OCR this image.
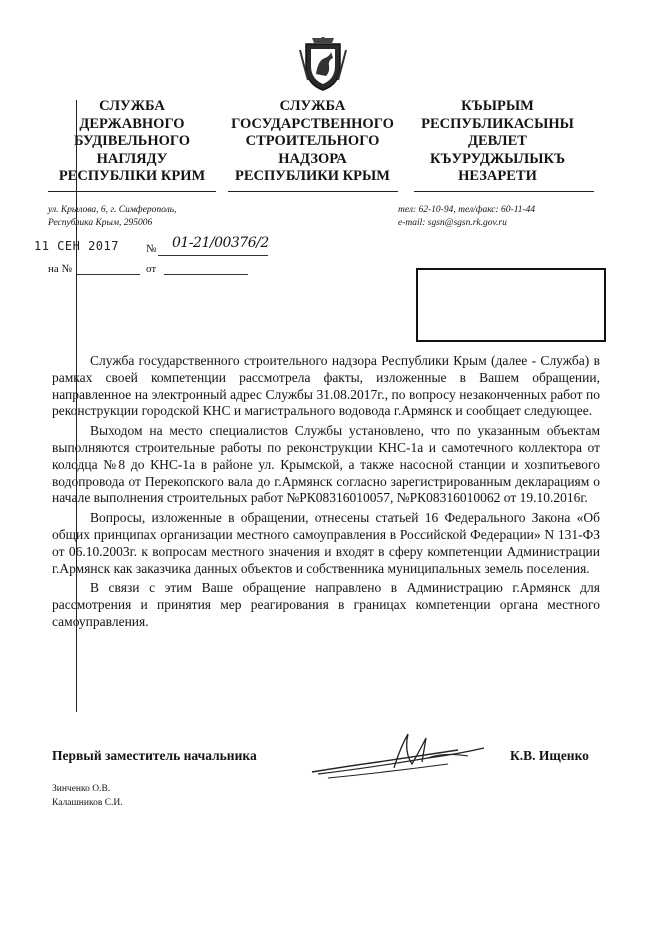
СЛУЖБА
ДЕРЖАВНОГО
БУДІВЕЛЬНОГО
НАГЛЯДУ
РЕСПУБЛІКИ КРИМ
СЛУЖБА
ГОСУДАРСТВЕННОГО
СТРОИТЕЛЬНОГО
НАДЗОРА
РЕСПУБЛИКИ КРЫМ
КЪЫРЫМ
РЕСПУБЛИКАСЫНЫ
ДЕВЛЕТ
КЪУРУДЖЫЛЫКЪ
НЕЗАРЕТИ
ул. Крылова, 6, г. Симферополь,
Республика Крым, 295006
тел: 62-10-94, тел/факс: 60-11-44
e-mail: sgsn@sgsn.rk.gov.ru
11 СЕН 2017 № 01-21/00376/2
на №	от

Служба государственного строительного надзора Республики Крым (далее - Служба) в рамках своей компетенции рассмотрела факты, изложенные в Вашем обращении, направленное на электронный адрес Службы 31.08.2017г., по вопросу незаконченных работ по реконструкции городской КНС и магистрального водовода г.Армянск и сообщает следующее.

Выходом на место специалистов Службы установлено, что по указанным объектам выполняются строительные работы по реконструкции КНС-1а и самотечного коллектора от колодца №8 до КНС-1а в районе ул. Крымской, а также насосной станции и хозпитьевого водопровода от Перекопского вала до г.Армянск согласно зарегистрированным декларациям о начале выполнения строительных работ №РК08316010057, №РК08316010062 от 19.10.2016г.

Вопросы, изложенные в обращении, отнесены статьей 16 Федерального Закона «Об общих принципах организации местного самоуправления в Российской Федерации» N 131-ФЗ от 06.10.2003г. к вопросам местного значения и входят в сферу компетенции Администрации г.Армянск как заказчика данных объектов и собственника муниципальных земель поселения.

В связи с этим Ваше обращение направлено в Администрацию г.Армянск для рассмотрения и принятия мер реагирования в границах компетенции органа местного самоуправления.

Первый заместитель начальника	К.В. Ищенко
Зинченко О.В.
Калашников С.И.
